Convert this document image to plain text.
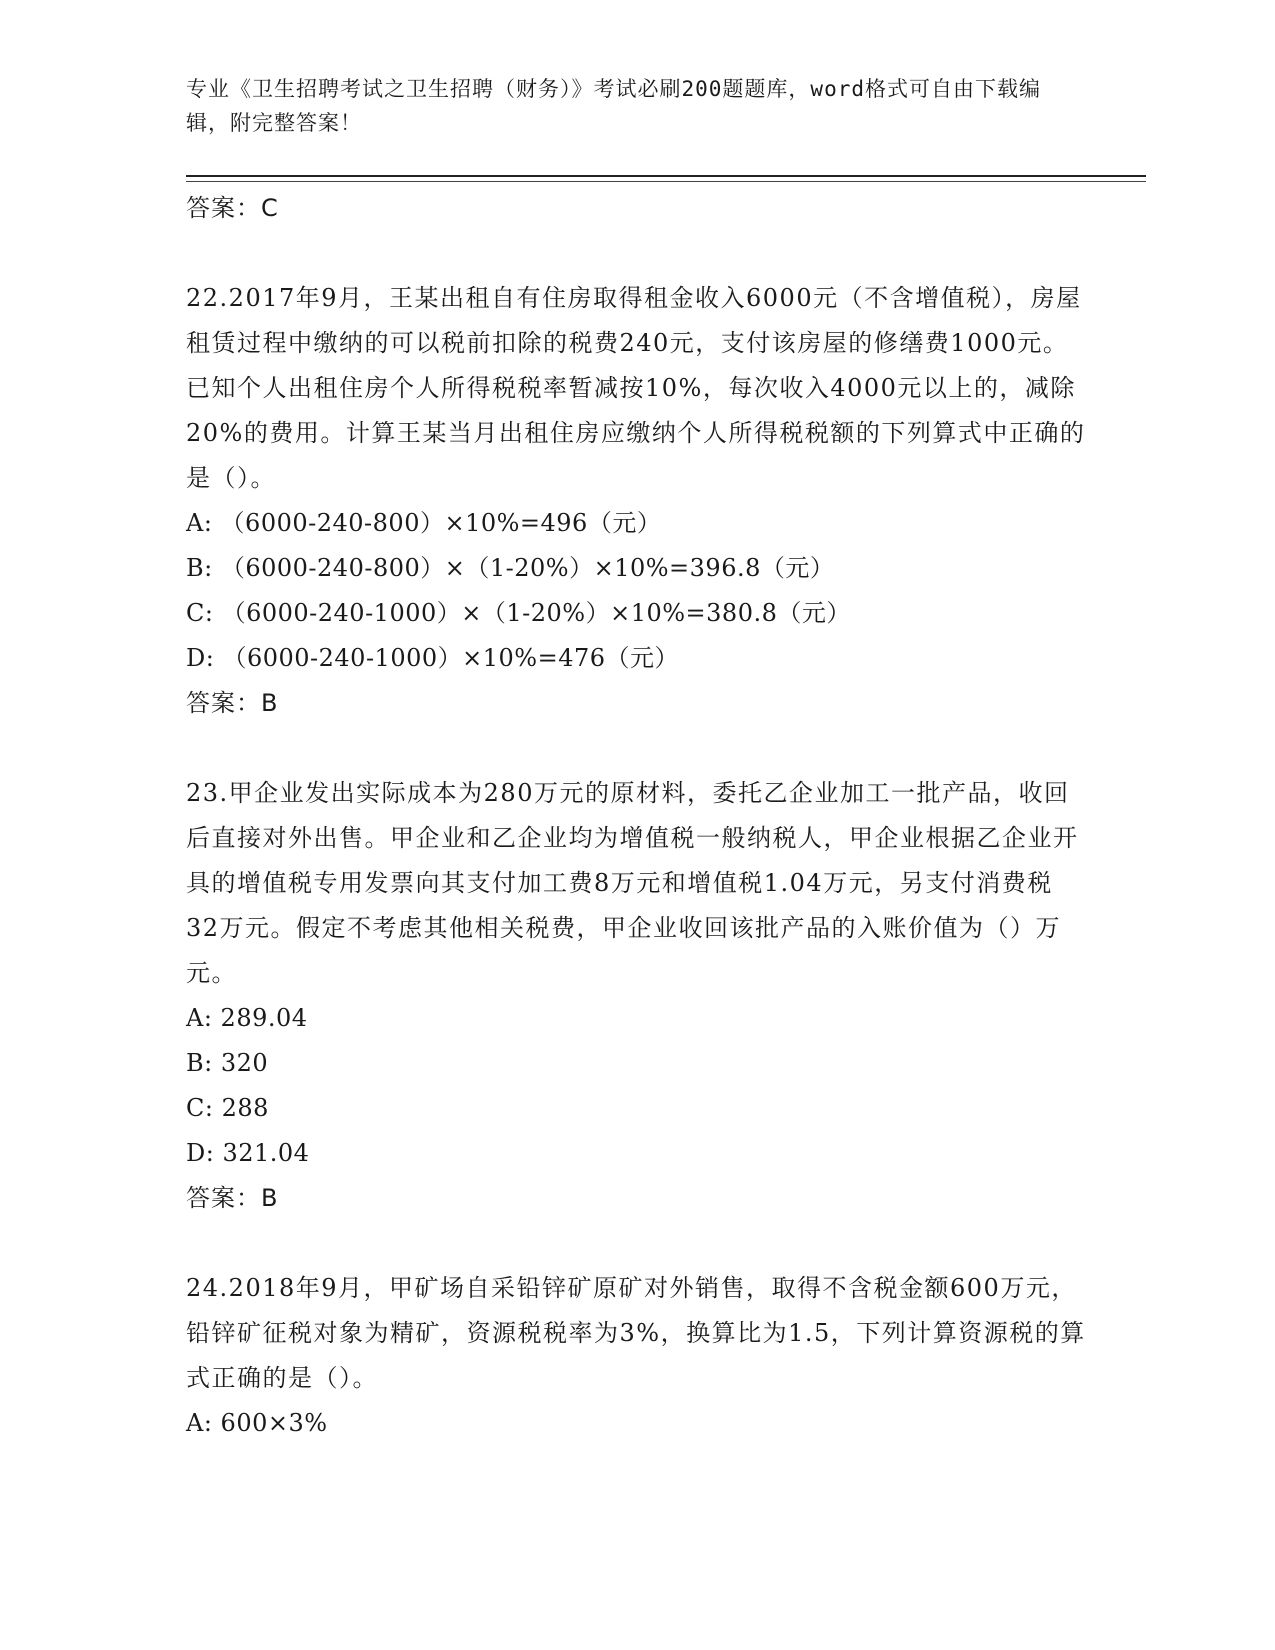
专业《卫生招聘考试之卫生招聘（财务）》考试必刷200题题库，word格式可自由下载编辑，附完整答案！
答案：C
22.2017年9月，王某出租自有住房取得租金收入6000元（不含增值税），房屋租赁过程中缴纳的可以税前扣除的税费240元，支付该房屋的修缮费1000元。已知个人出租住房个人所得税税率暂减按10%，每次收入4000元以上的，减除20%的费用。计算王某当月出租住房应缴纳个人所得税税额的下列算式中正确的是（）。
A: （6000-240-800）×10%=496（元）
B: （6000-240-800）×（1-20%）×10%=396.8（元）
C: （6000-240-1000）×（1-20%）×10%=380.8（元）
D: （6000-240-1000）×10%=476（元）
答案：B
23.甲企业发出实际成本为280万元的原材料，委托乙企业加工一批产品，收回后直接对外出售。甲企业和乙企业均为增值税一般纳税人，甲企业根据乙企业开具的增值税专用发票向其支付加工费8万元和增值税1.04万元，另支付消费税32万元。假定不考虑其他相关税费，甲企业收回该批产品的入账价值为（）万元。
A: 289.04
B: 320
C: 288
D: 321.04
答案：B
24.2018年9月，甲矿场自采铅锌矿原矿对外销售，取得不含税金额600万元，铅锌矿征税对象为精矿，资源税税率为3%，换算比为1.5，下列计算资源税的算式正确的是（）。
A: 600×3%
